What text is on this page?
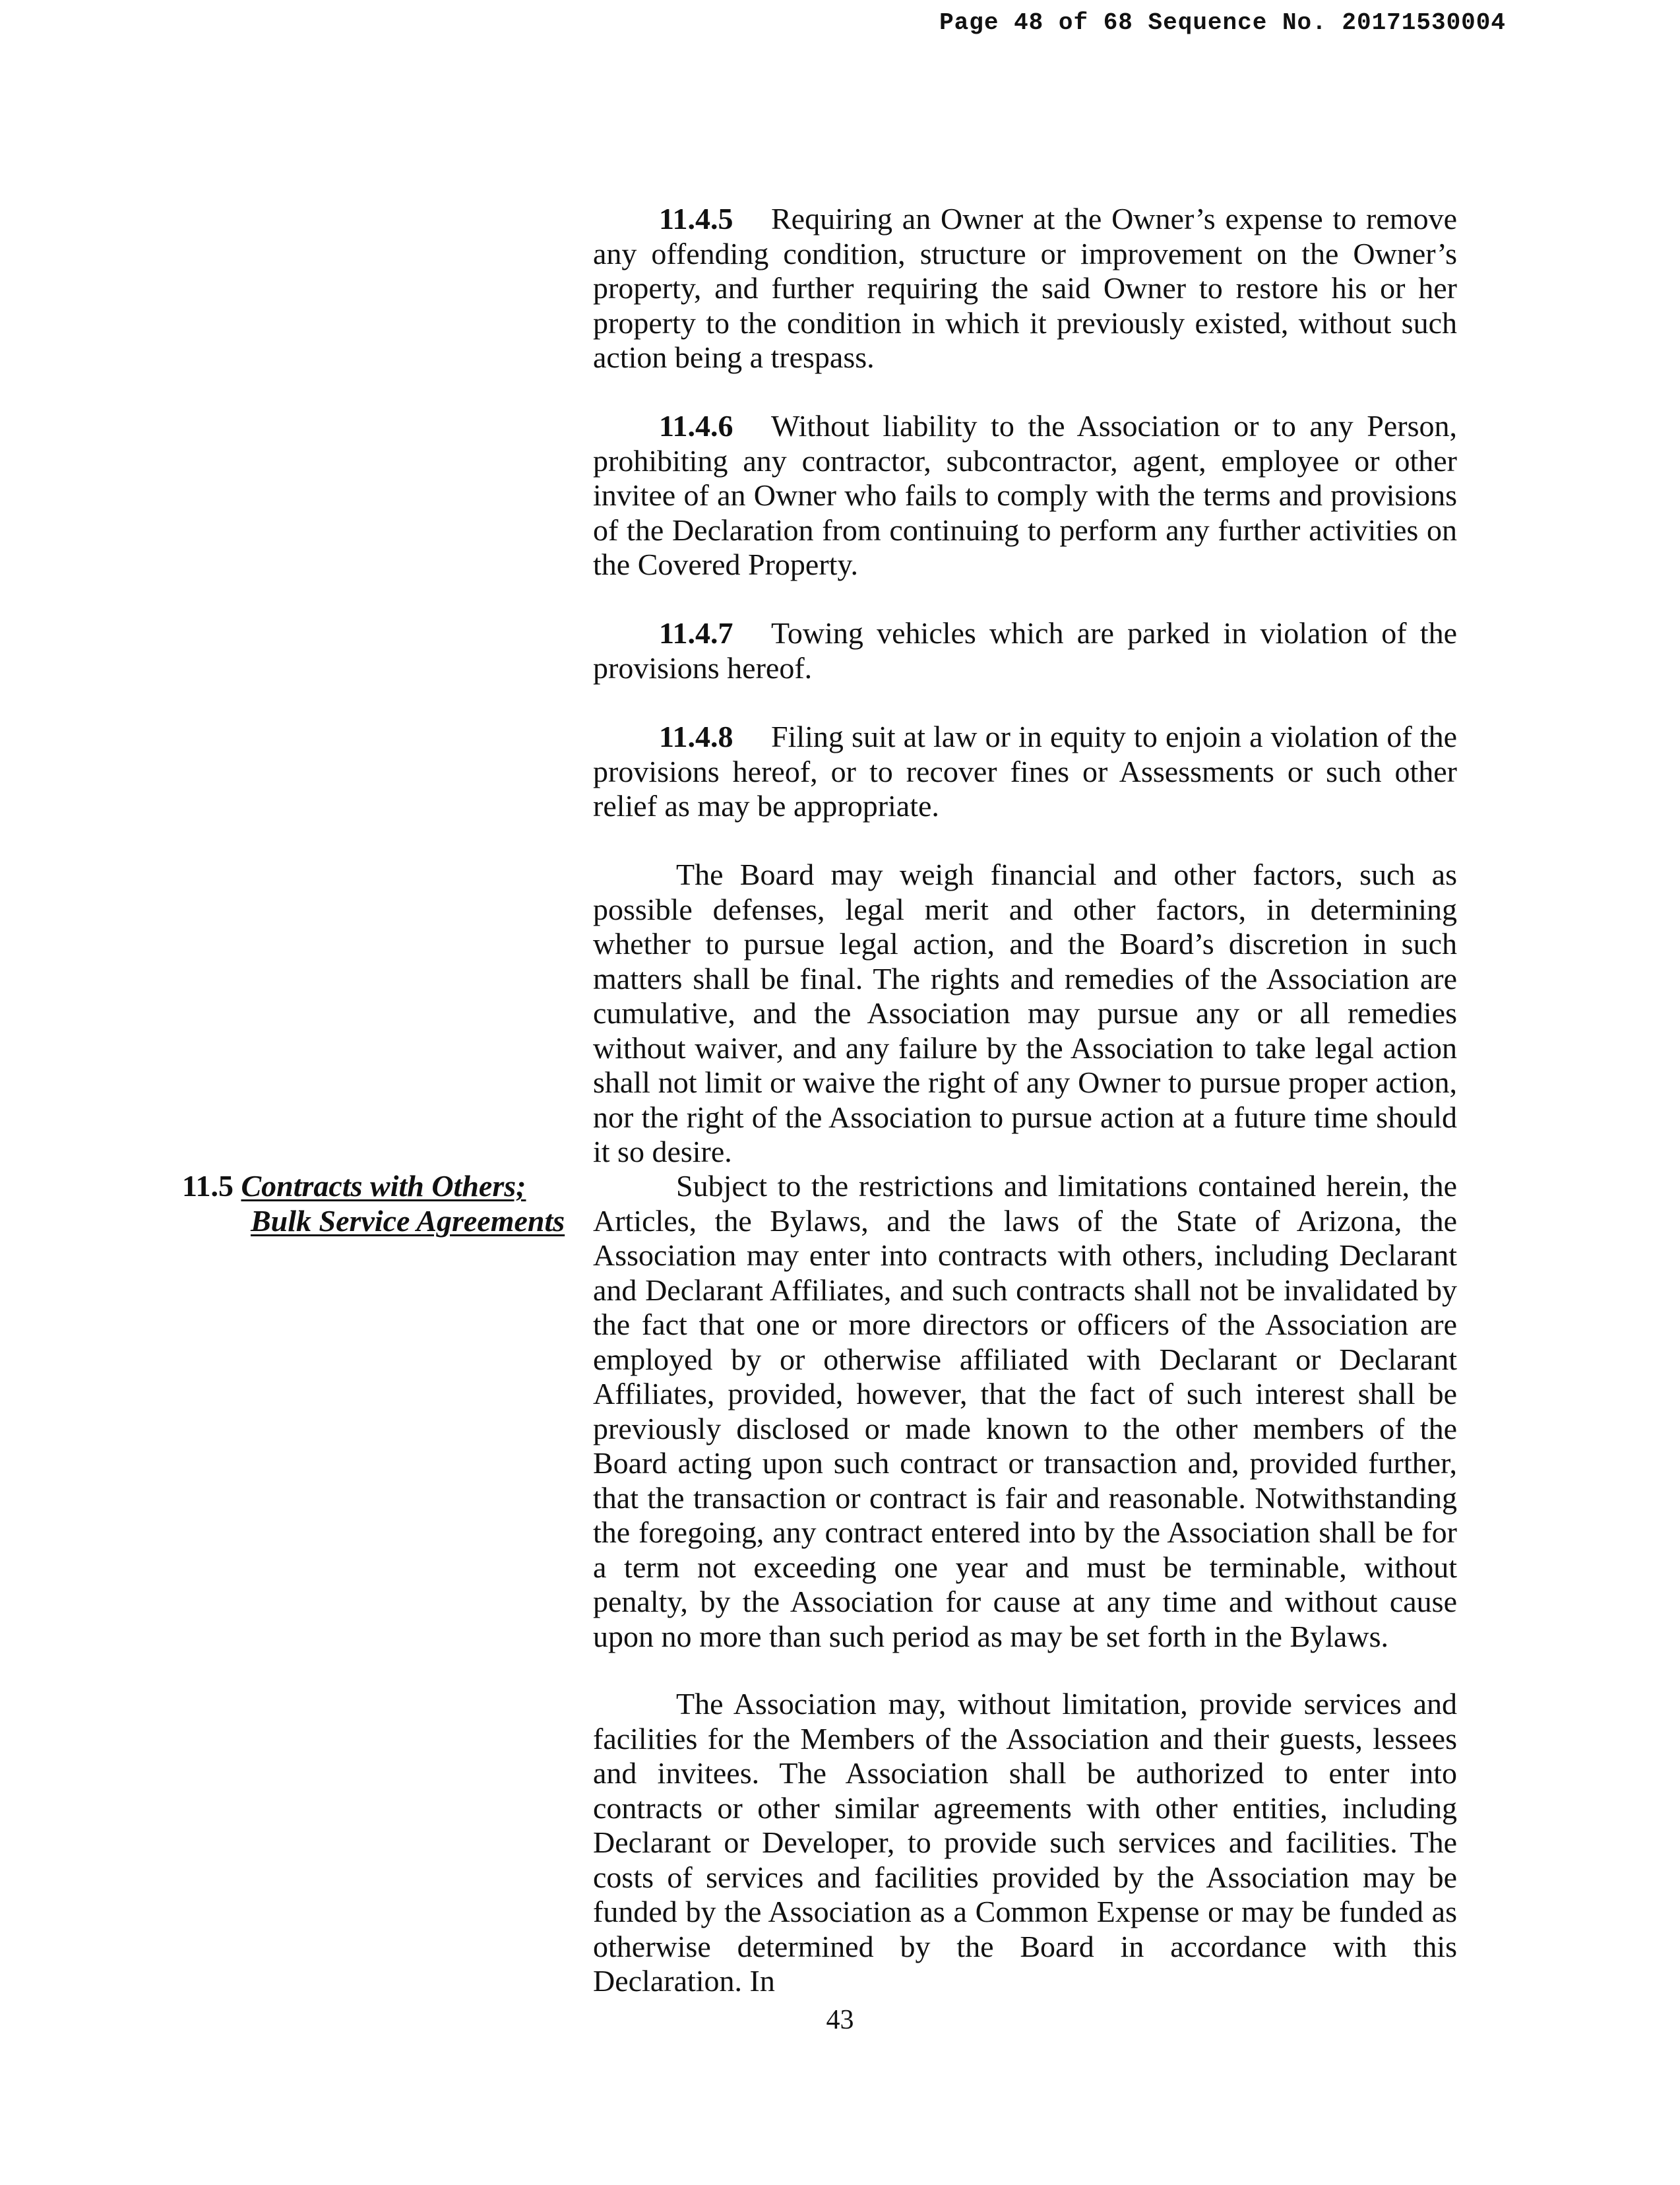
Page 48 of 68 Sequence No. 20171530004

11.4.5 Requiring an Owner at the Owner’s expense to remove any offending condition, structure or improvement on the Owner’s property, and further requiring the said Owner to restore his or her property to the condition in which it previously existed, without such action being a trespass.

11.4.6 Without liability to the Association or to any Person, prohibiting any contractor, subcontractor, agent, employee or other invitee of an Owner who fails to comply with the terms and provisions of the Declaration from continuing to perform any further activities on the Covered Property.

11.4.7 Towing vehicles which are parked in violation of the provisions hereof.

11.4.8 Filing suit at law or in equity to enjoin a violation of the provisions hereof, or to recover fines or Assessments or such other relief as may be appropriate.

The Board may weigh financial and other factors, such as possible defenses, legal merit and other factors, in determining whether to pursue legal action, and the Board’s discretion in such matters shall be final. The rights and remedies of the Association are cumulative, and the Association may pursue any or all remedies without waiver, and any failure by the Association to take legal action shall not limit or waive the right of any Owner to pursue proper action, nor the right of the Association to pursue action at a future time should it so desire.

11.5 Contracts with Others;
Bulk Service Agreements

Subject to the restrictions and limitations contained herein, the Articles, the Bylaws, and the laws of the State of Arizona, the Association may enter into contracts with others, including Declarant and Declarant Affiliates, and such contracts shall not be invalidated by the fact that one or more directors or officers of the Association are employed by or otherwise affiliated with Declarant or Declarant Affiliates, provided, however, that the fact of such interest shall be previously disclosed or made known to the other members of the Board acting upon such contract or transaction and, provided further, that the transaction or contract is fair and reasonable. Notwithstanding the foregoing, any contract entered into by the Association shall be for a term not exceeding one year and must be terminable, without penalty, by the Association for cause at any time and without cause upon no more than such period as may be set forth in the Bylaws.

The Association may, without limitation, provide services and facilities for the Members of the Association and their guests, lessees and invitees. The Association shall be authorized to enter into contracts or other similar agreements with other entities, including Declarant or Developer, to provide such services and facilities. The costs of services and facilities provided by the Association may be funded by the Association as a Common Expense or may be funded as otherwise determined by the Board in accordance with this Declaration. In

43
